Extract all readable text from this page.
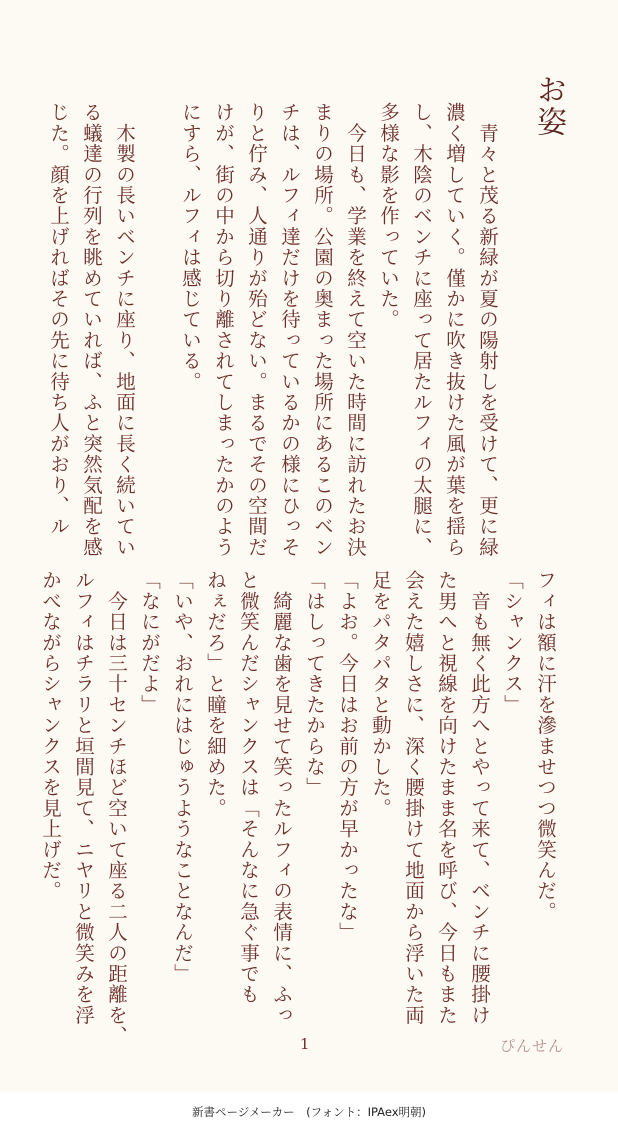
お姿
　青々と茂る新緑が夏の陽射しを受けて、更に緑
濃く増していく。僅かに吹き抜けた風が葉を揺ら
し、木陰のベンチに座って居たルフィの太腿に、
多様な影を作っていた。
　今日も、学業を終えて空いた時間に訪れたお決
まりの場所。公園の奥まった場所にあるこのベン
チは、ルフィ達だけを待っているかの様にひっそ
りと佇み、人通りが殆どない。まるでその空間だ
けが、街の中から切り離されてしまったかのよう
にすら、ルフィは感じている。

　木製の長いベンチに座り、地面に長く続いてい
る蟻達の行列を眺めていれば、ふと突然気配を感
じた。顔を上げればその先に待ち人がおり、ル
フィは額に汗を滲ませつつ微笑んだ。
「シャンクス」
　音も無く此方へとやって来て、ベンチに腰掛け
た男へと視線を向けたまま名を呼び、今日もまた
会えた嬉しさに、深く腰掛けて地面から浮いた両
足をパタパタと動かした。
「よお。今日はお前の方が早かったな」
「はしってきたからな」
　綺麗な歯を見せて笑ったルフィの表情に、ふっ
と微笑んだシャンクスは「そんなに急ぐ事でも
ねぇだろ」と瞳を細めた。
「いや、おれにはじゅうようなことなんだ」
「なにがだよ」
　今日は三十センチほど空いて座る二人の距離を、
ルフィはチラリと垣間見て、ニヤリと微笑みを浮
かべながらシャンクスを見上げだ。
1	ぴんせん
新書ページメーカー　(フォント：IPAex明朝)
